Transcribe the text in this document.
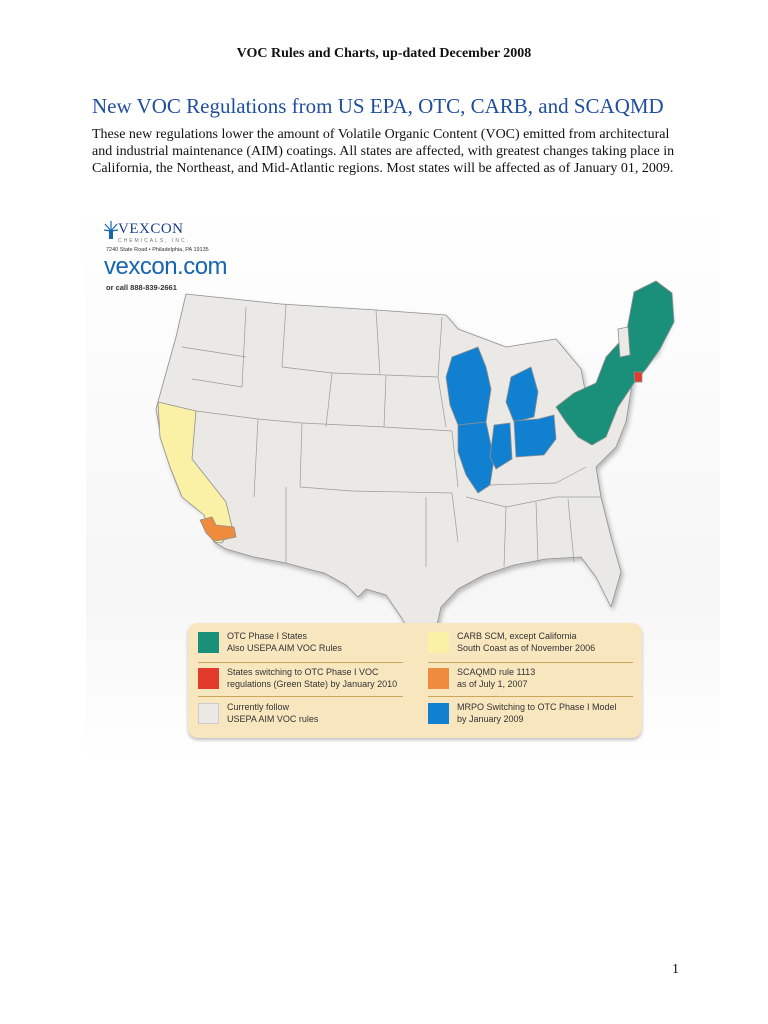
VOC Rules and Charts, up-dated December 2008
New VOC Regulations from US EPA, OTC, CARB, and SCAQMD
These new regulations lower the amount of Volatile Organic Content (VOC) emitted from architectural and industrial maintenance (AIM) coatings. All states are affected, with greatest changes taking place in California, the Northeast, and Mid-Atlantic regions. Most states will be affected as of January 01, 2009.
VEXCON
CHEMICALS, INC.
7240 State Road • Philadelphia, PA 19135
vexcon.com
or call 888-839-2661
OTC Phase I States
Also USEPA AIM VOC Rules
States switching to OTC Phase I VOC
regulations (Green State) by January 2010
Currently follow
USEPA AIM VOC rules
CARB SCM, except California
South Coast as of November 2006
SCAQMD rule 1113
as of July 1, 2007
MRPO Switching to OTC Phase I Model
by January 2009
1
